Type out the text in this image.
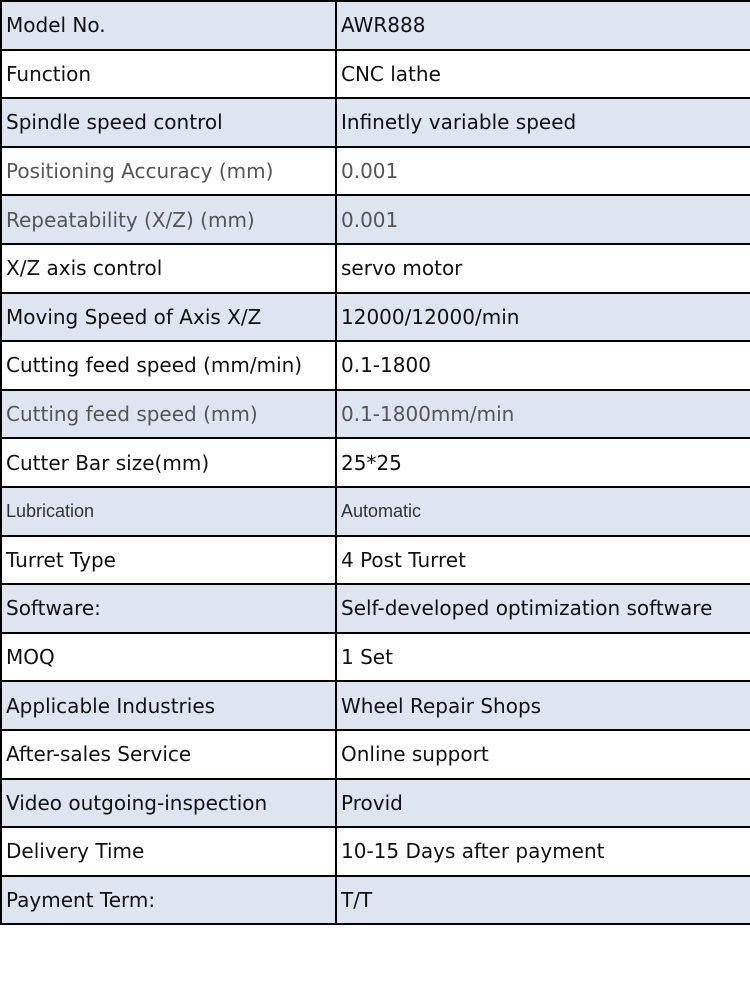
Model No.	AWR888
Function	CNC lathe
Spindle speed control	Infinetly variable speed
Positioning Accuracy (mm)	0.001
Repeatability (X/Z) (mm)	0.001
X/Z axis control	servo motor
Moving Speed of Axis X/Z	12000/12000/min
Cutting feed speed (mm/min)	0.1-1800
Cutting feed speed (mm)	0.1-1800mm/min
Cutter Bar size(mm)	25*25
Lubrication	Automatic
Turret Type	4 Post Turret
Software:	Self-developed optimization software
MOQ	1 Set
Applicable Industries	Wheel Repair Shops
After-sales Service	Online support
Video outgoing-inspection	Provid
Delivery Time	10-15 Days after payment
Payment Term:	T/T
